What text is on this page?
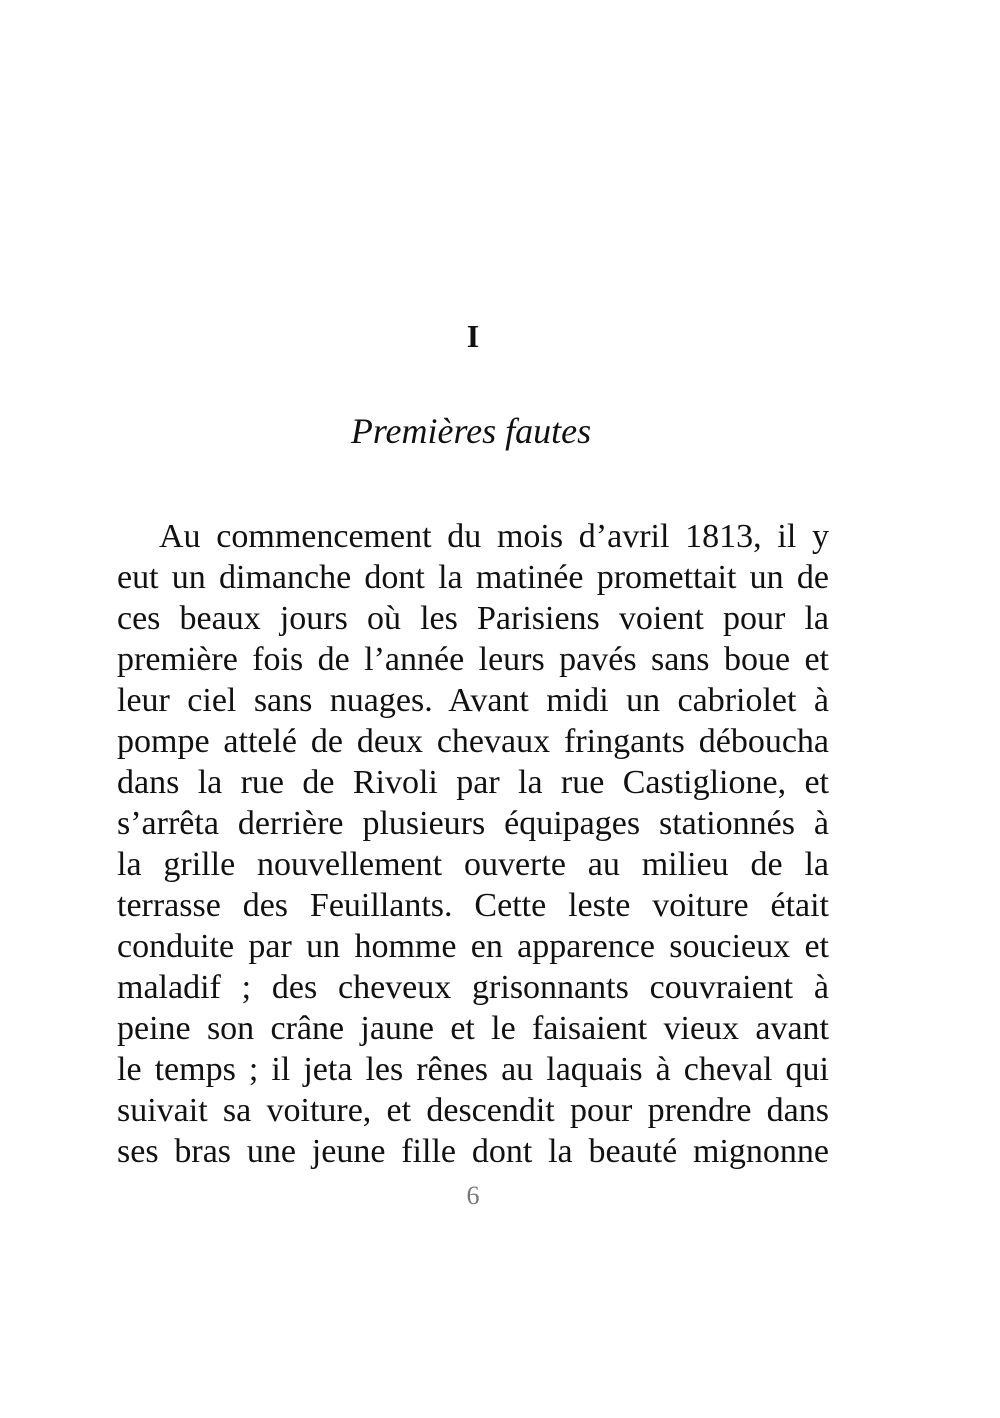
I
Premières fautes
Au commencement du mois d’avril 1813, il y
eut un dimanche dont la matinée promettait un de
ces beaux jours où les Parisiens voient pour la
première fois de l’année leurs pavés sans boue et
leur ciel sans nuages. Avant midi un cabriolet à
pompe attelé de deux chevaux fringants déboucha
dans la rue de Rivoli par la rue Castiglione, et
s’arrêta derrière plusieurs équipages stationnés à
la grille nouvellement ouverte au milieu de la
terrasse des Feuillants. Cette leste voiture était
conduite par un homme en apparence soucieux et
maladif ; des cheveux grisonnants couvraient à
peine son crâne jaune et le faisaient vieux avant
le temps ; il jeta les rênes au laquais à cheval qui
suivait sa voiture, et descendit pour prendre dans
ses bras une jeune fille dont la beauté mignonne
6
